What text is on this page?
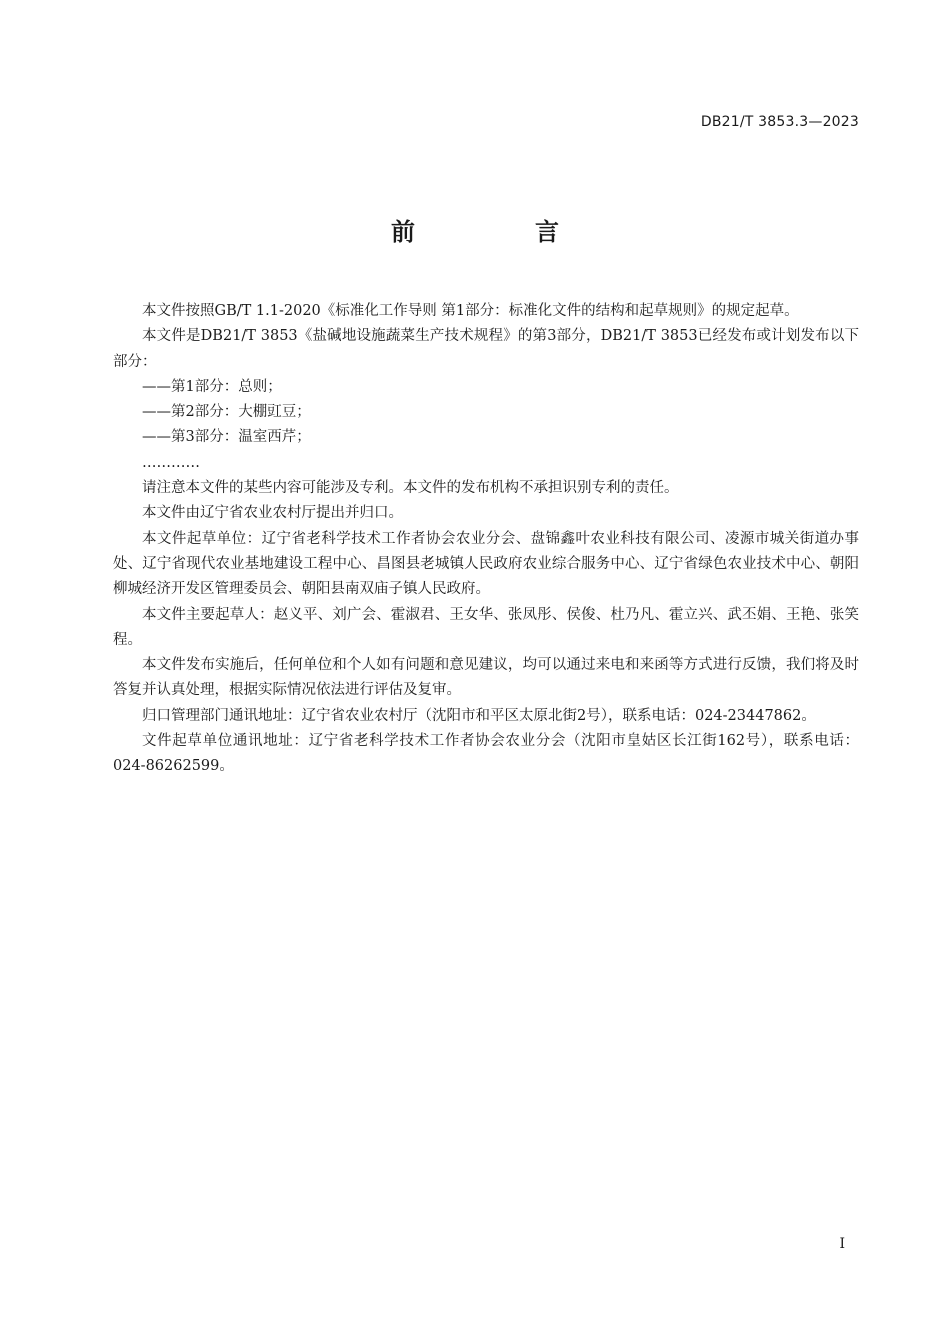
DB21/T 3853.3—2023
前　言

本文件按照GB/T 1.1-2020《标准化工作导则 第1部分：标准化文件的结构和起草规则》的规定起草。

本文件是DB21/T 3853《盐碱地设施蔬菜生产技术规程》的第3部分，DB21/T 3853已经发布或计划发布以下部分：

——第1部分：总则；

——第2部分：大棚豇豆；

——第3部分：温室西芹；

…………

请注意本文件的某些内容可能涉及专利。本文件的发布机构不承担识别专利的责任。

本文件由辽宁省农业农村厅提出并归口。

本文件起草单位：辽宁省老科学技术工作者协会农业分会、盘锦鑫叶农业科技有限公司、凌源市城关街道办事处、辽宁省现代农业基地建设工程中心、昌图县老城镇人民政府农业综合服务中心、辽宁省绿色农业技术中心、朝阳柳城经济开发区管理委员会、朝阳县南双庙子镇人民政府。

本文件主要起草人：赵义平、刘广会、霍淑君、王女华、张凤彤、侯俊、杜乃凡、霍立兴、武丕娟、王艳、张笑程。

本文件发布实施后，任何单位和个人如有问题和意见建议，均可以通过来电和来函等方式进行反馈，我们将及时答复并认真处理，根据实际情况依法进行评估及复审。

归口管理部门通讯地址：辽宁省农业农村厅（沈阳市和平区太原北街2号），联系电话：024-23447862。

文件起草单位通讯地址：辽宁省老科学技术工作者协会农业分会（沈阳市皇姑区长江街162号），联系电话：024-86262599。

I
